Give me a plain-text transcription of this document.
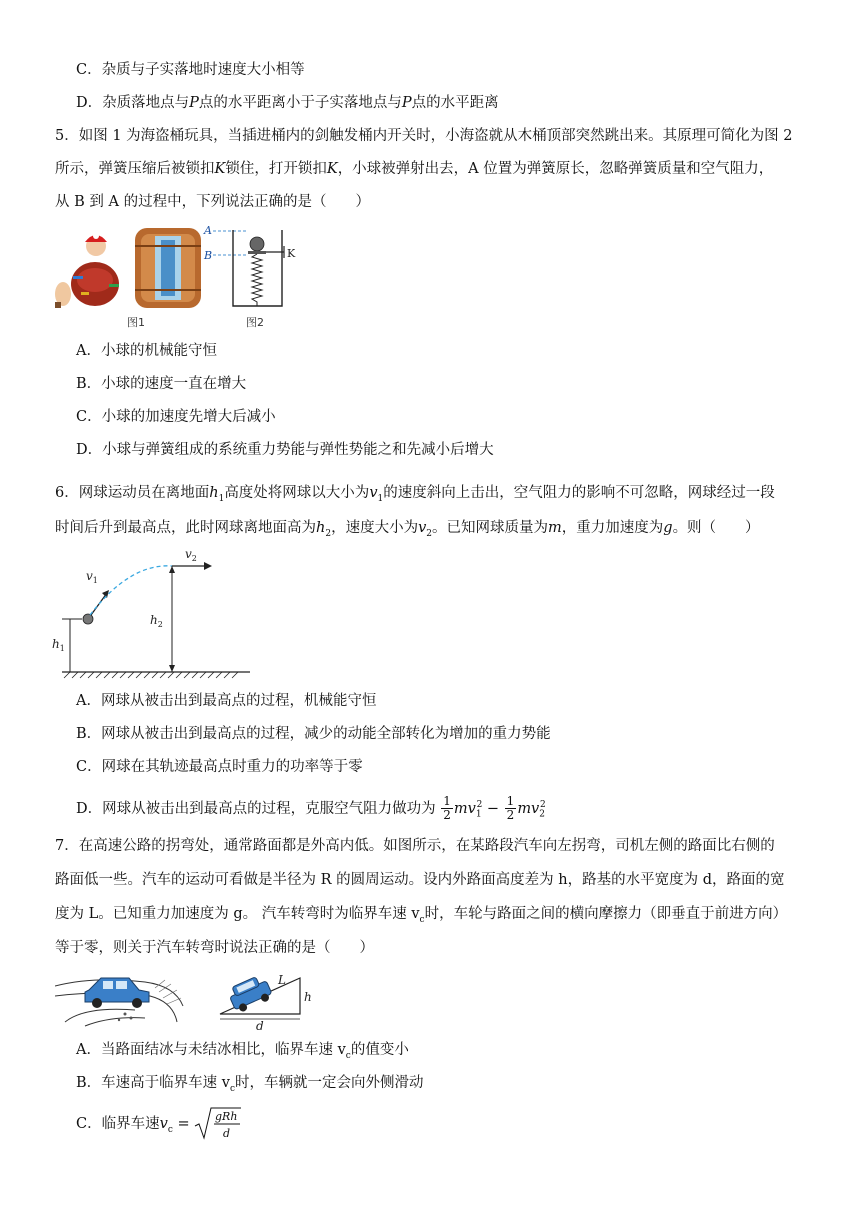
C．杂质与子实落地时速度大小相等
D．杂质落地点与P点的水平距离小于子实落地点与P点的水平距离
5．如图 1 为海盗桶玩具，当插进桶内的剑触发桶内开关时，小海盗就从木桶顶部突然跳出来。其原理可简化为图 2
所示，弹簧压缩后被锁扣K锁住，打开锁扣K，小球被弹射出去，A 位置为弹簧原长，忽略弹簧质量和空气阻力，
从 B 到 A 的过程中，下列说法正确的是（　　）
图1
A
B	K
图2
A．小球的机械能守恒
B．小球的速度一直在增大
C．小球的加速度先增大后减小
D．小球与弹簧组成的系统重力势能与弹性势能之和先减小后增大
6．网球运动员在离地面$h_1$高度处将网球以大小为$v_1$的速度斜向上击出，空气阻力的影响不可忽略，网球经过一段
时间后升到最高点，此时网球离地面高为$h_2$，速度大小为$v_2$。已知网球质量为m，重力加速度为g。则（　　）
$h_1$
$v_1$
$v_2$
$h_2$
A．网球从被击出到最高点的过程，机械能守恒
B．网球从被击出到最高点的过程，减少的动能全部转化为增加的重力势能
C．网球在其轨迹最高点时重力的功率等于零
D．网球从被击出到最高点的过程，克服空气阻力做功为 $\frac{1}{2} mv_1^2 - \frac{1}{2} mv_2^2$
7．在高速公路的拐弯处，通常路面都是外高内低。如图所示，在某路段汽车向左拐弯，司机左侧的路面比右侧的
路面低一些。汽车的运动可看做是半径为 R 的圆周运动。设内外路面高度差为 h，路基的水平宽度为 d，路面的宽
度为 L。已知重力加速度为 g。 汽车转弯时为临界车速 $v_c$时，车轮与路面之间的横向摩擦力（即垂直于前进方向）
等于零，则关于汽车转弯时说法正确的是（　　）
L
h
d
A．当路面结冰与未结冰相比，临界车速 $v_c$的值变小
B．车速高于临界车速 $v_c$时，车辆就一定会向外侧滑动
C．临界车速$v_c$ = gRh
d
